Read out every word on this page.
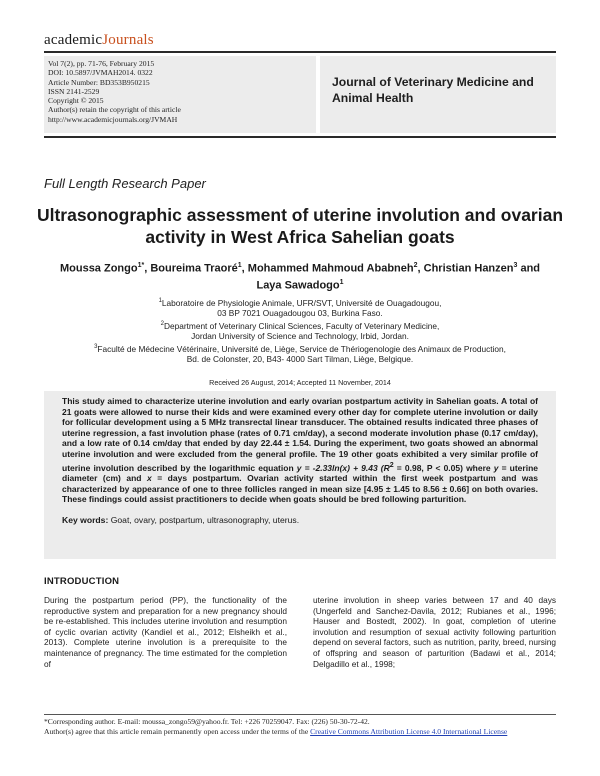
academicJournals
Vol 7(2), pp. 71-76, February 2015
DOI: 10.5897/JVMAH2014. 0322
Article Number: BD353B950215
ISSN 2141-2529
Copyright © 2015
Author(s) retain the copyright of this article
http://www.academicjournals.org/JVMAH
Journal of Veterinary Medicine and Animal Health
Full Length Research Paper
Ultrasonographic assessment of uterine involution and ovarian activity in West Africa Sahelian goats
Moussa Zongo$^{1*}$, Boureima Traoré$^1$, Mohammed Mahmoud Ababneh$^2$, Christian Hanzen$^3$ and
Laya Sawadogo$^1$
$^1$Laboratoire de Physiologie Animale, UFR/SVT, Université de Ouagadougou,
03 BP 7021 Ouagadougou 03, Burkina Faso.
$^2$Department of Veterinary Clinical Sciences, Faculty of Veterinary Medicine,
Jordan University of Science and Technology, Irbid, Jordan.
$^3$Faculté de Médecine Vétérinaire, Université de, Liège, Service de Thériogenologie des Animaux de Production,
Bd. de Colonster, 20, B43- 4000 Sart Tilman, Liège, Belgique.
Received 26 August, 2014; Accepted 11 November, 2014
This study aimed to characterize uterine involution and early ovarian postpartum activity in Sahelian goats. A total of 21 goats were allowed to nurse their kids and were examined every other day for complete uterine involution or daily for follicular development using a 5 MHz transrectal linear transducer. The obtained results indicated three phases of uterine regression, a fast involution phase (rates of 0.71 cm/day), a second moderate involution phase (0.17 cm/day), and a low rate of 0.14 cm/day that ended by day 22.44 ± 1.54. During the experiment, two goats showed an abnormal uterine involution and were excluded from the general profile. The 19 other goats exhibited a very similar profile of uterine involution described by the logarithmic equation y = -2.33ln(x) + 9.43 ($R^2 = 0.98$, P < 0.05) where y = uterine diameter (cm) and x = days postpartum. Ovarian activity started within the first week postpartum and was characterized by appearance of one to three follicles ranged in mean size [4.95 ± 1.45 to 8.56 ± 0.66] on both ovaries. These findings could assist practitioners to decide when goats should be bred following parturition.
Key words: Goat, ovary, postpartum, ultrasonography, uterus.
INTRODUCTION
During the postpartum period (PP), the functionality of the reproductive system and preparation for a new pregnancy should be re-established. This includes uterine involution and resumption of cyclic ovarian activity (Kandiel et al., 2012; Elsheikh et al., 2013). Complete uterine involution is a prerequisite to the maintenance of pregnancy. The time estimated for the completion of
uterine involution in sheep varies between 17 and 40 days (Ungerfeld and Sanchez-Davila, 2012; Rubianes et al., 1996; Hauser and Bostedt, 2002). In goat, completion of uterine involution and resumption of sexual activity following parturition depend on several factors, such as nutrition, parity, breed, nursing of offspring and season of parturition (Badawi et al., 2014; Delgadillo et al., 1998;
*Corresponding author. E-mail: moussa_zongo59@yahoo.fr. Tel: +226 70259047. Fax: (226) 50-30-72-42.
Author(s) agree that this article remain permanently open access under the terms of the Creative Commons Attribution License 4.0 International License
